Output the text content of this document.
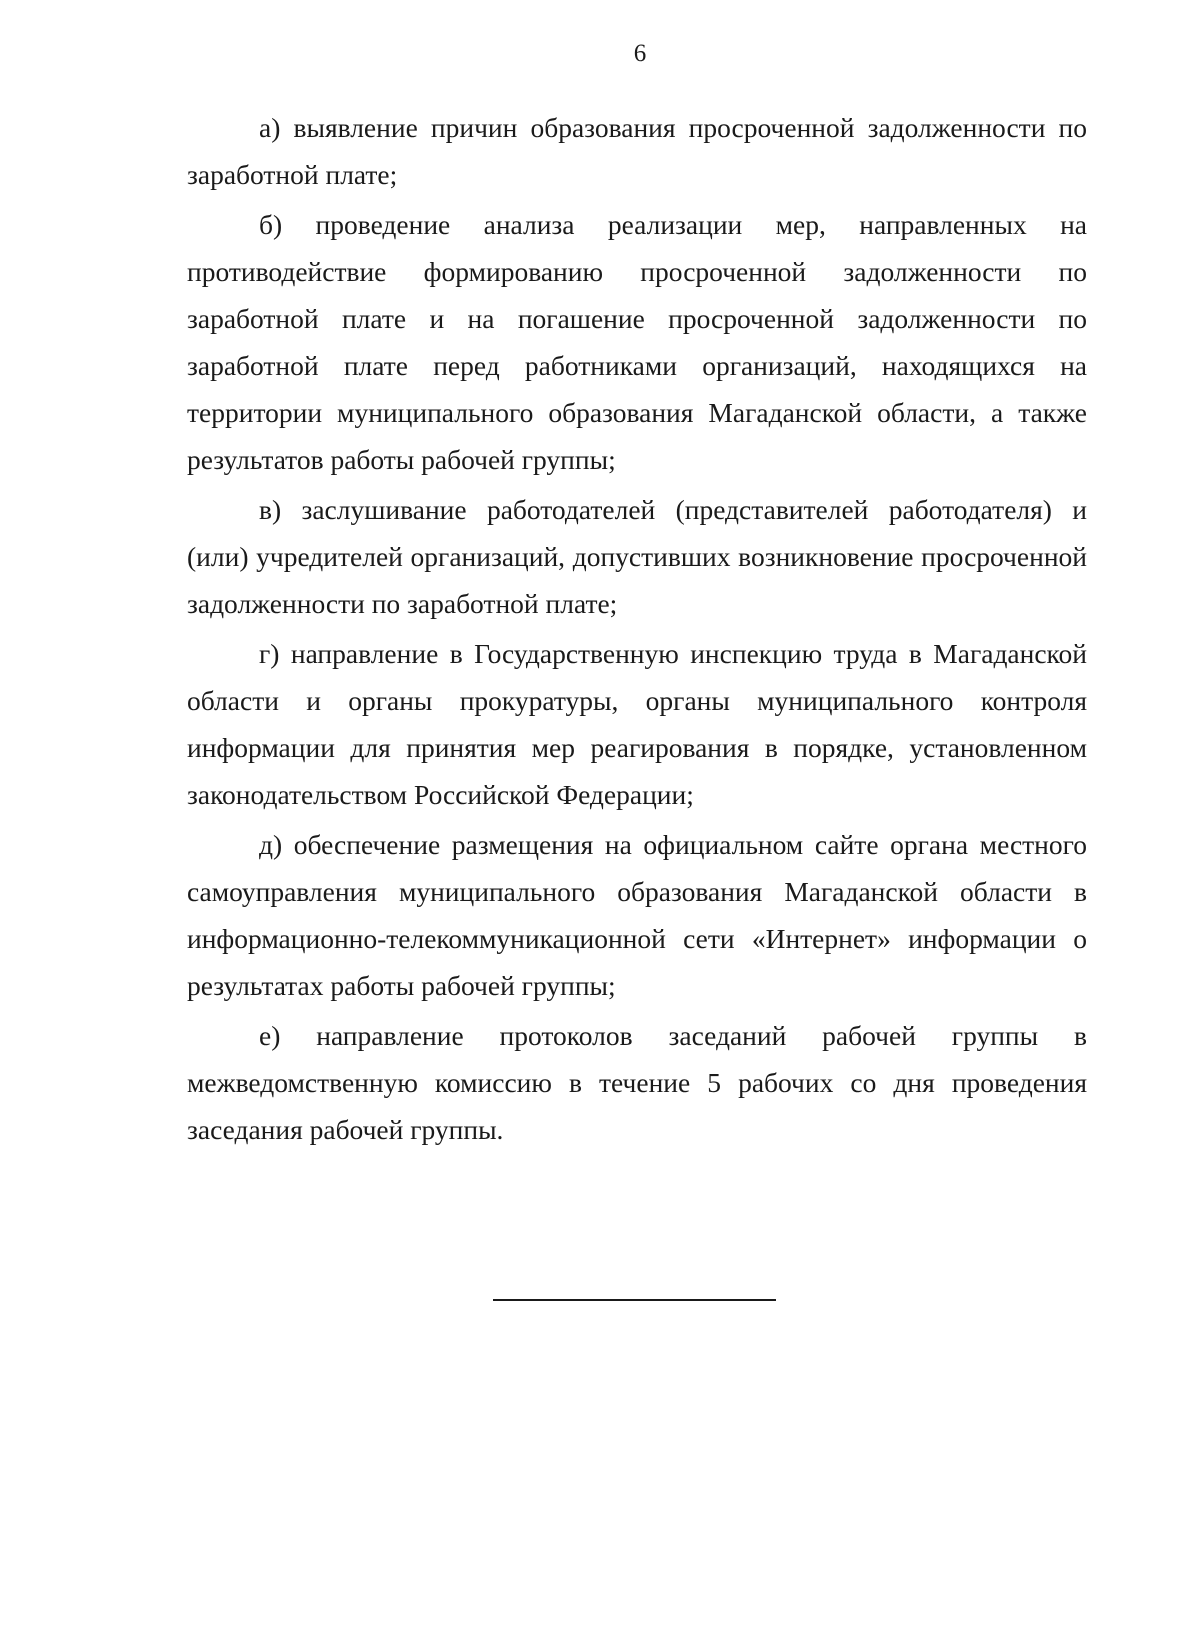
6

а) выявление причин образования просроченной задолженности по заработной плате;

б) проведение анализа реализации мер, направленных на противодействие формированию просроченной задолженности по заработной плате и на погашение просроченной задолженности по заработной плате перед работниками организаций, находящихся на территории муниципального образования Магаданской области, а также результатов работы рабочей группы;

в) заслушивание работодателей (представителей работодателя) и (или) учредителей организаций, допустивших возникновение просроченной задолженности по заработной плате;

г) направление в Государственную инспекцию труда в Магаданской области и органы прокуратуры, органы муниципального контроля информации для принятия мер реагирования в порядке, установленном законодательством Российской Федерации;

д) обеспечение размещения на официальном сайте органа местного самоуправления муниципального образования Магаданской области в информационно-телекоммуникационной сети «Интернет» информации о результатах работы рабочей группы;

е) направление протоколов заседаний рабочей группы в межведомственную комиссию в течение 5 рабочих со дня проведения заседания рабочей группы.
